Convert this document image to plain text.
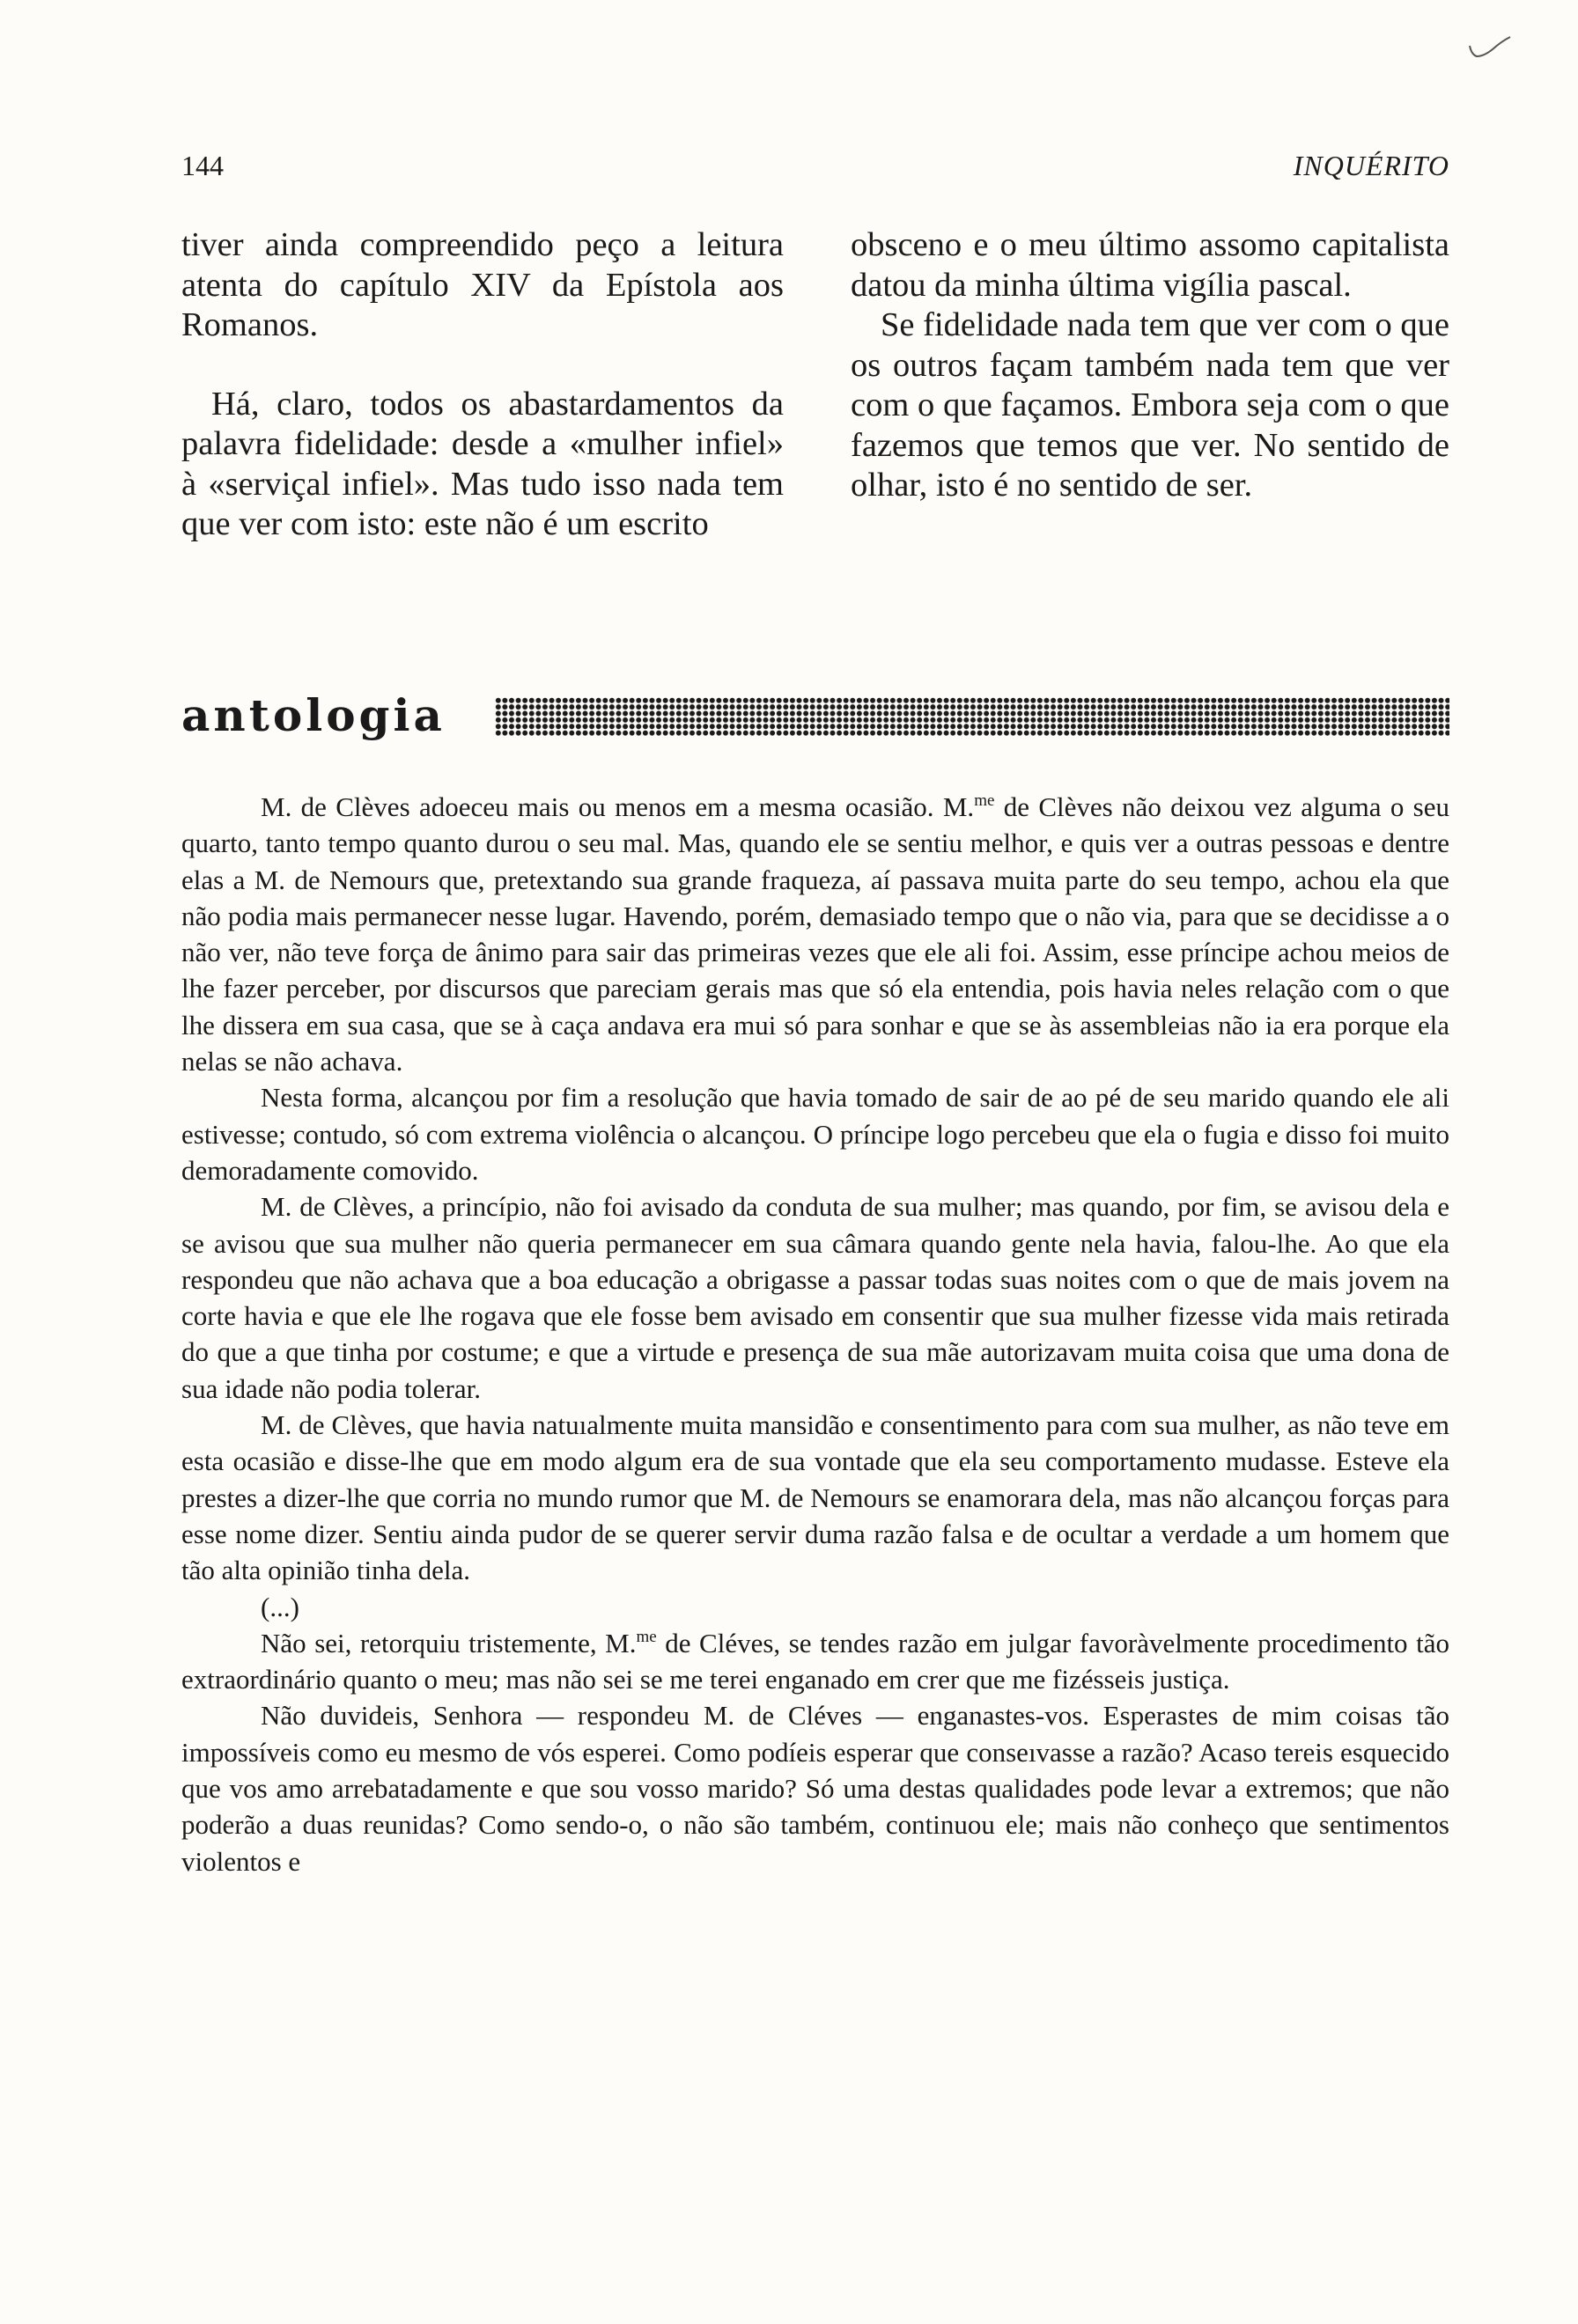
144	INQUÉRITO

tiver ainda compreendido peço a leitura atenta do capítulo XIV da Epístola aos Romanos.

Há, claro, todos os abastardamentos da palavra fidelidade: desde a «mulher infiel» à «serviçal infiel». Mas tudo isso nada tem que ver com isto: este não é um escrito

obsceno e o meu último assomo capitalista datou da minha última vigília pascal.

Se fidelidade nada tem que ver com o que os outros façam também nada tem que ver com o que façamos. Embora seja com o que fazemos que temos que ver. No sentido de olhar, isto é no sentido de ser.

antologia

M. de Clèves adoeceu mais ou menos em a mesma ocasião. M.$^{me}$ de Clèves não deixou vez alguma o seu quarto, tanto tempo quanto durou o seu mal. Mas, quando ele se sentiu melhor, e quis ver a outras pessoas e dentre elas a M. de Nemours que, pretextando sua grande fraqueza, aí passava muita parte do seu tempo, achou ela que não podia mais permanecer nesse lugar. Havendo, porém, demasiado tempo que o não via, para que se decidisse a o não ver, não teve força de ânimo para sair das primeiras vezes que ele ali foi. Assim, esse príncipe achou meios de lhe fazer perceber, por discursos que pareciam gerais mas que só ela entendia, pois havia neles relação com o que lhe dissera em sua casa, que se à caça andava era mui só para sonhar e que se às assembleias não ia era porque ela nelas se não achava.

Nesta forma, alcançou por fim a resolução que havia tomado de sair de ao pé de seu marido quando ele ali estivesse; contudo, só com extrema violência o alcançou. O príncipe logo percebeu que ela o fugia e disso foi muito demoradamente comovido.

M. de Clèves, a princípio, não foi avisado da conduta de sua mulher; mas quando, por fim, se avisou dela e se avisou que sua mulher não queria permanecer em sua câmara quando gente nela havia, falou-lhe. Ao que ela respondeu que não achava que a boa educação a obrigasse a passar todas suas noites com o que de mais jovem na corte havia e que ele lhe rogava que ele fosse bem avisado em consentir que sua mulher fizesse vida mais retirada do que a que tinha por costume; e que a virtude e presença de sua mãe autorizavam muita coisa que uma dona de sua idade não podia tolerar.

M. de Clèves, que havia natuıalmente muita mansidão e consentimento para com sua mulher, as não teve em esta ocasião e disse-lhe que em modo algum era de sua vontade que ela seu comportamento mudasse. Esteve ela prestes a dizer-lhe que corria no mundo rumor que M. de Nemours se enamorara dela, mas não alcançou forças para esse nome dizer. Sentiu ainda pudor de se querer servir duma razão falsa e de ocultar a verdade a um homem que tão alta opinião tinha dela.

(...)

Não sei, retorquiu tristemente, M.$^{me}$ de Cléves, se tendes razão em julgar favoràvelmente procedimento tão extraordinário quanto o meu; mas não sei se me terei enganado em crer que me fizésseis justiça.

Não duvideis, Senhora — respondeu M. de Cléves — enganastes-vos. Esperastes de mim coisas tão impossíveis como eu mesmo de vós esperei. Como podíeis esperar que conseıvasse a razão? Acaso tereis esquecido que vos amo arrebatadamente e que sou vosso marido? Só uma destas qualidades pode levar a extremos; que não poderão a duas reunidas? Como sendo-o, o não são também, continuou ele; mais não conheço que sentimentos violentos e
